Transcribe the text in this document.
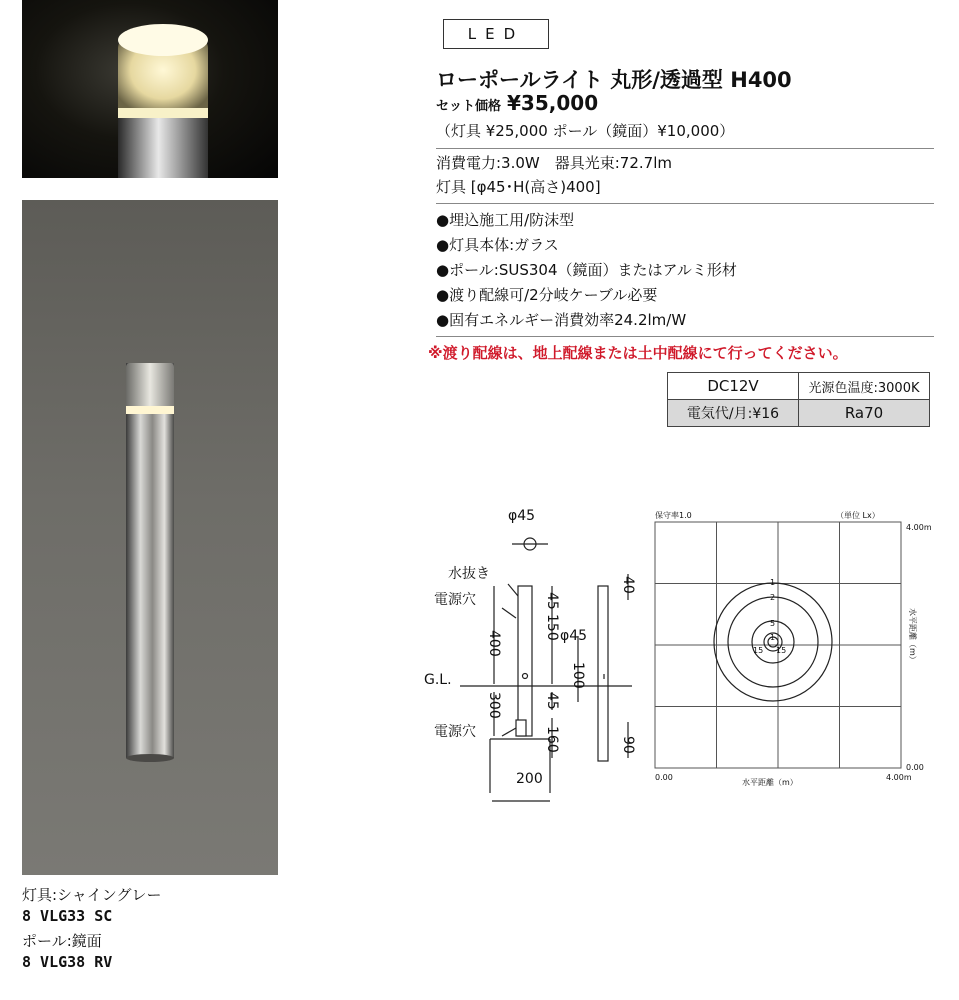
LED
ローポールライト 丸形/透過型 H400
セット価格 ¥35,000
（灯具 ¥25,000 ポール（鏡面）¥10,000）
消費電力:3.0W　器具光束:72.7lm
灯具 [φ45･H(高さ)400]
●埋込施工用/防沫型
●灯具本体:ガラス
●ポール:SUS304（鏡面）またはアルミ形材
●渡り配線可/2分岐ケーブル必要
●固有エネルギー消費効率24.2lm/W
※渡り配線は、地上配線または土中配線にて行ってください。
DC12V	光源色温度:3000K
電気代/月:¥16	Ra70
φ45
水抜き
電源穴
G.L.
電源穴
φ45
200
45
150
400
100
300	45
160
40
90
保守率1.0	（単位 Lx）
4.00m
0.00
0.00	4.00m
水平距離（m）
水平距離（m）
1
2
5
15 15
1
灯具:シャイングレー
8 VLG33 SC
ポール:鏡面
8 VLG38 RV
